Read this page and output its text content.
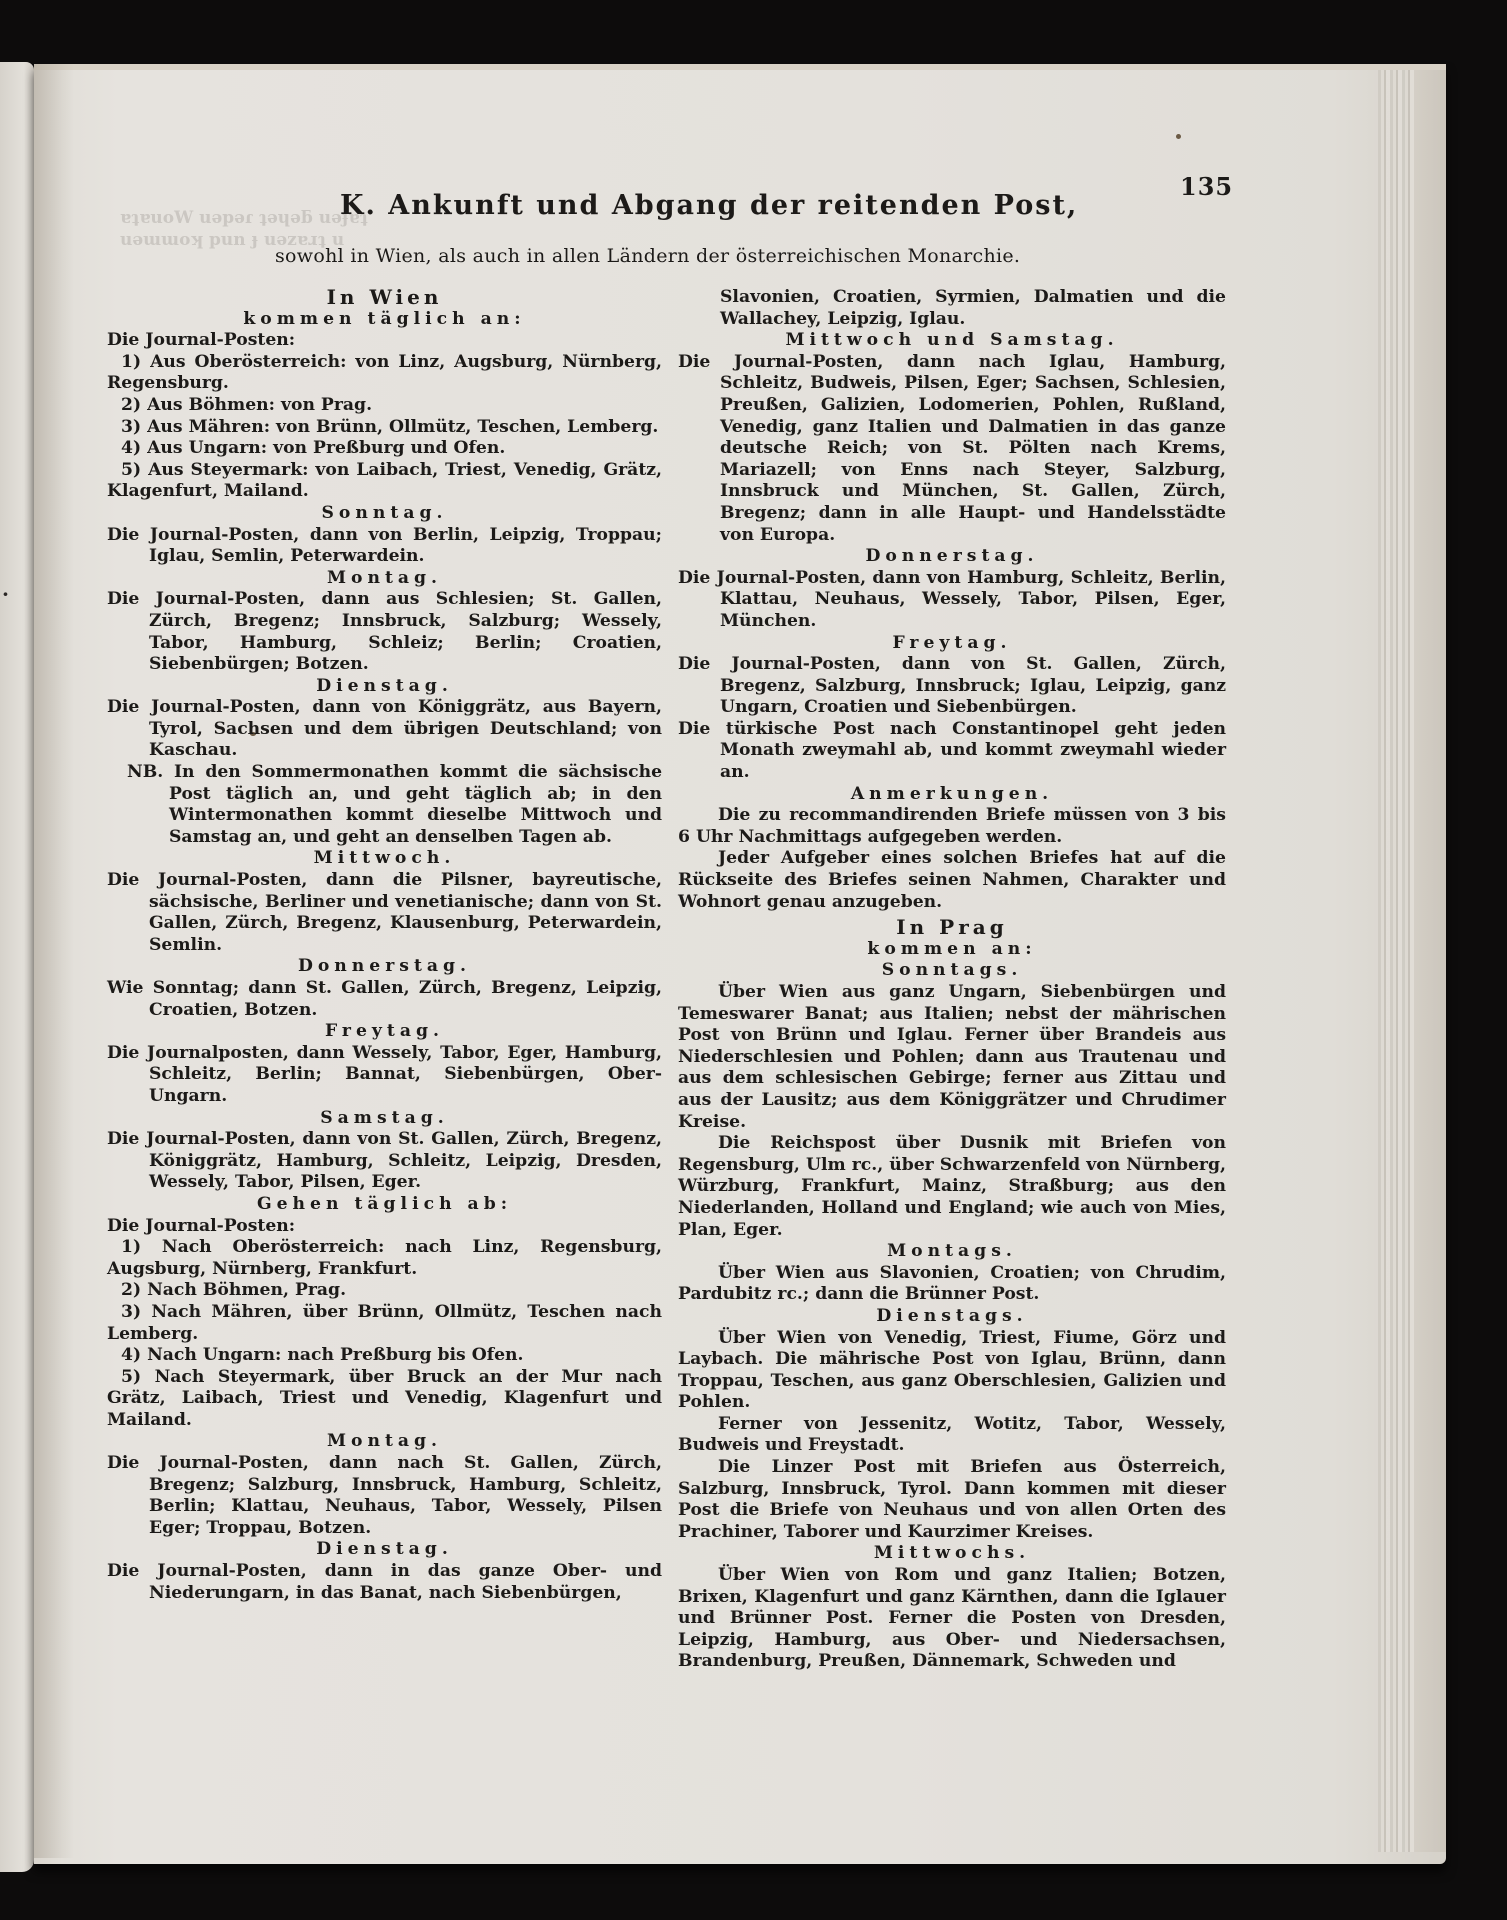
·
ɐʇɐuoW uǝpǝɾ ʇǝɥǝƃ uǝɟɐʇ
uǝɯɯoʞ pun ɟ uǝzɐɹʇ u
135
K. Ankunft und Abgang der reitenden Post,
sowohl in Wien, als auch in allen Ländern der österreichischen Monarchie.
In Wien
kommen täglich an:
Die Journal-Posten:
1) Aus Oberösterreich: von Linz, Augsburg, Nürnberg, Regensburg.
2) Aus Böhmen: von Prag.
3) Aus Mähren: von Brünn, Ollmütz, Teschen, Lemberg.
4) Aus Ungarn: von Preßburg und Ofen.
5) Aus Steyermark: von Laibach, Triest, Venedig, Grätz, Klagenfurt, Mailand.
Sonntag.
Die Journal-Posten, dann von Berlin, Leipzig, Troppau; Iglau, Semlin, Peterwardein.
Montag.
Die Journal-Posten, dann aus Schlesien; St. Gallen, Zürch, Bregenz; Innsbruck, Salzburg; Wessely, Tabor, Hamburg, Schleiz; Berlin; Croatien, Siebenbürgen; Botzen.
Dienstag.
Die Journal-Posten, dann von Königgrätz, aus Bayern, Tyrol, Sachsen und dem übrigen Deutschland; von Kaschau.
NB. In den Sommermonathen kommt die sächsische Post täglich an, und geht täglich ab; in den Wintermonathen kommt dieselbe Mittwoch und Samstag an, und geht an denselben Tagen ab.
Mittwoch.
Die Journal-Posten, dann die Pilsner, bayreutische, sächsische, Berliner und venetianische; dann von St. Gallen, Zürch, Bregenz, Klausenburg, Peterwardein, Semlin.
Donnerstag.
Wie Sonntag; dann St. Gallen, Zürch, Bregenz, Leipzig, Croatien, Botzen.
Freytag.
Die Journalposten, dann Wessely, Tabor, Eger, Hamburg, Schleitz, Berlin; Bannat, Siebenbürgen, Ober-Ungarn.
Samstag.
Die Journal-Posten, dann von St. Gallen, Zürch, Bregenz, Königgrätz, Hamburg, Schleitz, Leipzig, Dresden, Wessely, Tabor, Pilsen, Eger.
Gehen täglich ab:
Die Journal-Posten:
1) Nach Oberösterreich: nach Linz, Regensburg, Augsburg, Nürnberg, Frankfurt.
2) Nach Böhmen, Prag.
3) Nach Mähren, über Brünn, Ollmütz, Teschen nach Lemberg.
4) Nach Ungarn: nach Preßburg bis Ofen.
5) Nach Steyermark, über Bruck an der Mur nach Grätz, Laibach, Triest und Venedig, Klagenfurt und Mailand.
Montag.
Die Journal-Posten, dann nach St. Gallen, Zürch, Bregenz; Salzburg, Innsbruck, Hamburg, Schleitz, Berlin; Klattau, Neuhaus, Tabor, Wessely, Pilsen Eger; Troppau, Botzen.
Dienstag.
Die Journal-Posten, dann in das ganze Ober- und Niederungarn, in das Banat, nach Siebenbürgen,
Slavonien, Croatien, Syrmien, Dalmatien und die Wallachey, Leipzig, Iglau.
Mittwoch und Samstag.
Die Journal-Posten, dann nach Iglau, Hamburg, Schleitz, Budweis, Pilsen, Eger; Sachsen, Schlesien, Preußen, Galizien, Lodomerien, Pohlen, Rußland, Venedig, ganz Italien und Dalmatien in das ganze deutsche Reich; von St. Pölten nach Krems, Mariazell; von Enns nach Steyer, Salzburg, Innsbruck und München, St. Gallen, Zürch, Bregenz; dann in alle Haupt- und Handelsstädte von Europa.
Donnerstag.
Die Journal-Posten, dann von Hamburg, Schleitz, Berlin, Klattau, Neuhaus, Wessely, Tabor, Pilsen, Eger, München.
Freytag.
Die Journal-Posten, dann von St. Gallen, Zürch, Bregenz, Salzburg, Innsbruck; Iglau, Leipzig, ganz Ungarn, Croatien und Siebenbürgen.
Die türkische Post nach Constantinopel geht jeden Monath zweymahl ab, und kommt zweymahl wieder an.
Anmerkungen.
Die zu recommandirenden Briefe müssen von 3 bis 6 Uhr Nachmittags aufgegeben werden.
Jeder Aufgeber eines solchen Briefes hat auf die Rückseite des Briefes seinen Nahmen, Charakter und Wohnort genau anzugeben.
In Prag
kommen an:
Sonntags.
Über Wien aus ganz Ungarn, Siebenbürgen und Temeswarer Banat; aus Italien; nebst der mährischen Post von Brünn und Iglau. Ferner über Brandeis aus Niederschlesien und Pohlen; dann aus Trautenau und aus dem schlesischen Gebirge; ferner aus Zittau und aus der Lausitz; aus dem Königgrätzer und Chrudimer Kreise.
Die Reichspost über Dusnik mit Briefen von Regensburg, Ulm rc., über Schwarzenfeld von Nürnberg, Würzburg, Frankfurt, Mainz, Straßburg; aus den Niederlanden, Holland und England; wie auch von Mies, Plan, Eger.
Montags.
Über Wien aus Slavonien, Croatien; von Chrudim, Pardubitz rc.; dann die Brünner Post.
Dienstags.
Über Wien von Venedig, Triest, Fiume, Görz und Laybach. Die mährische Post von Iglau, Brünn, dann Troppau, Teschen, aus ganz Oberschlesien, Galizien und Pohlen.
Ferner von Jessenitz, Wotitz, Tabor, Wessely, Budweis und Freystadt.
Die Linzer Post mit Briefen aus Österreich, Salzburg, Innsbruck, Tyrol. Dann kommen mit dieser Post die Briefe von Neuhaus und von allen Orten des Prachiner, Taborer und Kaurzimer Kreises.
Mittwochs.
Über Wien von Rom und ganz Italien; Botzen, Brixen, Klagenfurt und ganz Kärnthen, dann die Iglauer und Brünner Post. Ferner die Posten von Dresden, Leipzig, Hamburg, aus Ober- und Niedersachsen, Brandenburg, Preußen, Dännemark, Schweden und
